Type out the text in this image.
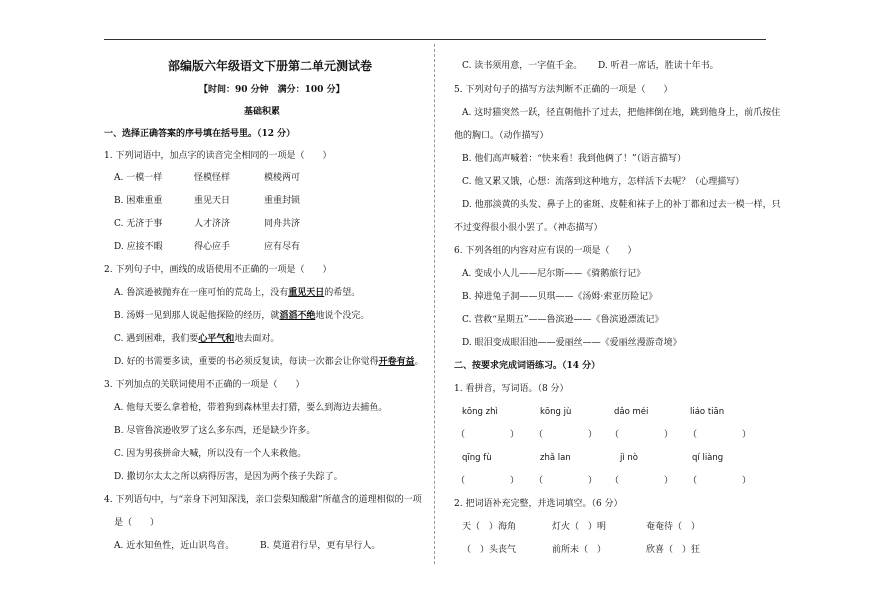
部编版六年级语文下册第二单元测试卷
【时间：90 分钟　满分：100 分】
基础积累
一、选择正确答案的序号填在括号里。（12 分）
1. 下列词语中，加点字的读音完全相同的一项是（　　）
A. 一模一样	怪模怪样	模棱两可
B. 困难重重	重见天日	重重封锁
C. 无济于事	人才济济	同舟共济
D. 应接不暇	得心应手	应有尽有
2. 下列句子中，画线的成语使用不正确的一项是（　　）
A. 鲁滨逊被抛弃在一座可怕的荒岛上，没有重见天日的希望。
B. 汤姆一见到那人说起他探险的经历，就滔滔不绝地说个没完。
C. 遇到困难，我们要心平气和地去面对。
D. 好的书需要多读，重要的书必须反复读，每读一次都会让你觉得开卷有益。
3. 下列加点的关联词使用不正确的一项是（　　）
A. 他每天要么拿着枪，带着狗到森林里去打猎，要么到海边去捕鱼。
B. 尽管鲁滨逊收罗了这么多东西，还是缺少许多。
C. 因为男孩拼命大喊，所以没有一个人来救他。
D. 撒切尔太太之所以病得厉害，是因为两个孩子失踪了。
4. 下列语句中，与“亲身下河知深浅，亲口尝梨知酸甜”所蕴含的道理相似的一项
是（　　）
A. 近水知鱼性，近山识鸟音。	B. 莫道君行早，更有早行人。
C. 读书须用意，一字值千金。 D. 听君一席话，胜读十年书。
5. 下列对句子的描写方法判断不正确的一项是（　　）
A. 这时猫突然一跃，径直朝他扑了过去，把他摔倒在地，跳到他身上，前爪按住
他的胸口。（动作描写）
B. 他们高声喊着：“快来看！我到他俩了！”（语言描写）
C. 他又累又饿，心想：流落到这种地方，怎样活下去呢？（心理描写）
D. 他那淡黄的头发、鼻子上的雀斑、皮鞋和袜子上的补丁都和过去一模一样，只
不过变得很小很小罢了。（神态描写）
6. 下列各组的内容对应有误的一项是（　　）
A. 变成小人儿——尼尔斯——《骑鹅旅行记》
B. 掉进兔子洞——贝琪——《汤姆·索亚历险记》
C. 营救“星期五”——鲁滨逊——《鲁滨逊漂流记》
D. 眼泪变成眼泪池——爱丽丝——《爱丽丝漫游奇境》
二、按要求完成词语练习。（14 分）
1. 看拼音，写词语。（8 分）
kōng zhì	kōng jù	dǎo méi	liáo tiān
（　　　　　） （　　　　　） （　　　　　） （　　　　　）
qīng fù	zhǎ lan	jì nò	qí liàng
（　　　　　） （　　　　　） （　　　　　） （　　　　　）
2. 把词语补充完整，并选词填空。（6 分）
天（　）海角	灯火（　）明	奄奄待（　）
（　）头丧气	前所未（　）	欣喜（　）狂
